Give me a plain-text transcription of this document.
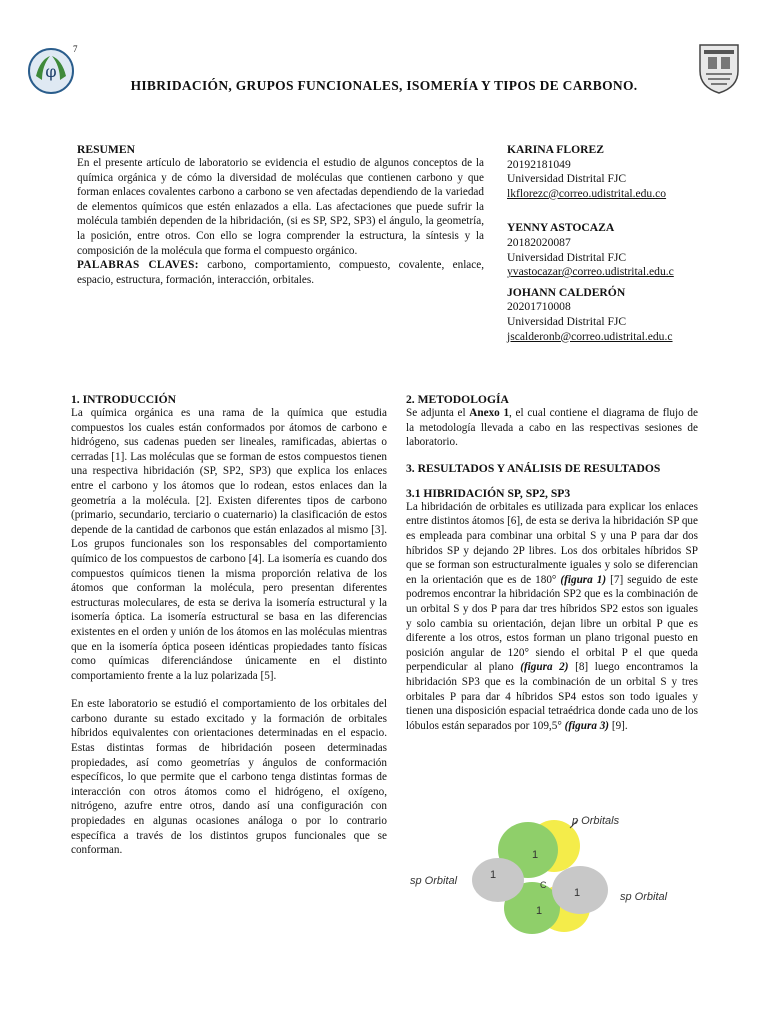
φ
7
HIBRIDACIÓN, GRUPOS FUNCIONALES, ISOMERÍA Y TIPOS DE CARBONO.
RESUMEN

En el presente artículo de laboratorio se evidencia el estudio de algunos conceptos de la química orgánica y de cómo la diversidad de moléculas que contienen carbono y que forman enlaces covalentes carbono a carbono se ven afectadas dependiendo de la variedad de elementos químicos que estén enlazados a ella. Las afectaciones que puede sufrir la molécula también dependen de la hibridación, (si es SP, SP2, SP3) el ángulo, la geometría, la posición, entre otros. Con ello se logra comprender la estructura, la síntesis y la composición de la molécula que forma el compuesto orgánico.

PALABRAS CLAVES: carbono, comportamiento, compuesto, covalente, enlace, espacio, estructura, formación, interacción, orbitales.

KARINA FLOREZ
20192181049
Universidad Distrital FJC
lkflorezc@correo.udistrital.edu.co
YENNY ASTOCAZA
20182020087
Universidad Distrital FJC
yvastocazar@correo.udistrital.edu.c
JOHANN CALDERÓN
20201710008
Universidad Distrital FJC
jscalderonb@correo.udistrital.edu.c
1. INTRODUCCIÓN

La química orgánica es una rama de la química que estudia compuestos los cuales están conformados por átomos de carbono e hidrógeno, sus cadenas pueden ser lineales, ramificadas, abiertas o cerradas [1]. Las moléculas que se forman de estos compuestos tienen una respectiva hibridación (SP, SP2, SP3) que explica los enlaces entre el carbono y los átomos que lo rodean, estos enlaces dan la geometría a la molécula. [2]. Existen diferentes tipos de carbono (primario, secundario, terciario o cuaternario) la clasificación de estos depende de la cantidad de carbonos que están enlazados al mismo [3]. Los grupos funcionales son los responsables del comportamiento químico de los compuestos de carbono [4]. La isomería es cuando dos compuestos químicos tienen la misma proporción relativa de los átomos que conforman la molécula, pero presentan diferentes estructuras moleculares, de esta se deriva la isomería estructural y la isomería óptica. La isomería estructural se basa en las diferencias existentes en el orden y unión de los átomos en las moléculas mientras que en la isomería óptica poseen idénticas propiedades tanto físicas como químicas diferenciándose únicamente en el distinto comportamiento frente a la luz polarizada [5].

En este laboratorio se estudió el comportamiento de los orbitales del carbono durante su estado excitado y la formación de orbitales híbridos equivalentes con orientaciones determinadas en el espacio. Estas distintas formas de hibridación poseen determinadas propiedades, así como geometrías y ángulos de conformación específicos, lo que permite que el carbono tenga distintas formas de interacción con otros átomos como el hidrógeno, el oxígeno, nitrógeno, azufre entre otros, dando así una configuración con propiedades en algunas ocasiones análoga o por lo contrario específica a través de los distintos grupos funcionales que se conforman.

2. METODOLOGÍA

Se adjunta el Anexo 1, el cual contiene el diagrama de flujo de la metodología llevada a cabo en las respectivas sesiones de laboratorio.

3. RESULTADOS Y ANÁLISIS DE RESULTADOS
3.1 HIBRIDACIÓN SP, SP2, SP3

La hibridación de orbitales es utilizada para explicar los enlaces entre distintos átomos [6], de esta se deriva la hibridación SP que es empleada para combinar una orbital S y una P para dar dos híbridos SP y dejando 2P libres. Los dos orbitales híbridos SP que se forman son estructuralmente iguales y solo se diferencian en la orientación que es de 180° (figura 1) [7] seguido de este podremos encontrar la hibridación SP2 que es la combinación de un orbital S y dos P para dar tres híbridos SP2 estos son iguales y solo cambia su orientación, dejan libre un orbital P que es diferente a los otros, estos forman un plano trigonal puesto en posición angular de 120° siendo el orbital P el que queda perpendicular al plano (figura 2) [8] luego encontramos la hibridación SP3 que es la combinación de un orbital S y tres orbitales P para dar 4 híbridos SP4 estos son todo iguales y tienen una disposición espacial tetraédrica donde cada uno de los lóbulos están separados por 109,5° (figura 3) [9].

1
1
1
1
C
p Orbitals
sp Orbital
sp Orbital
